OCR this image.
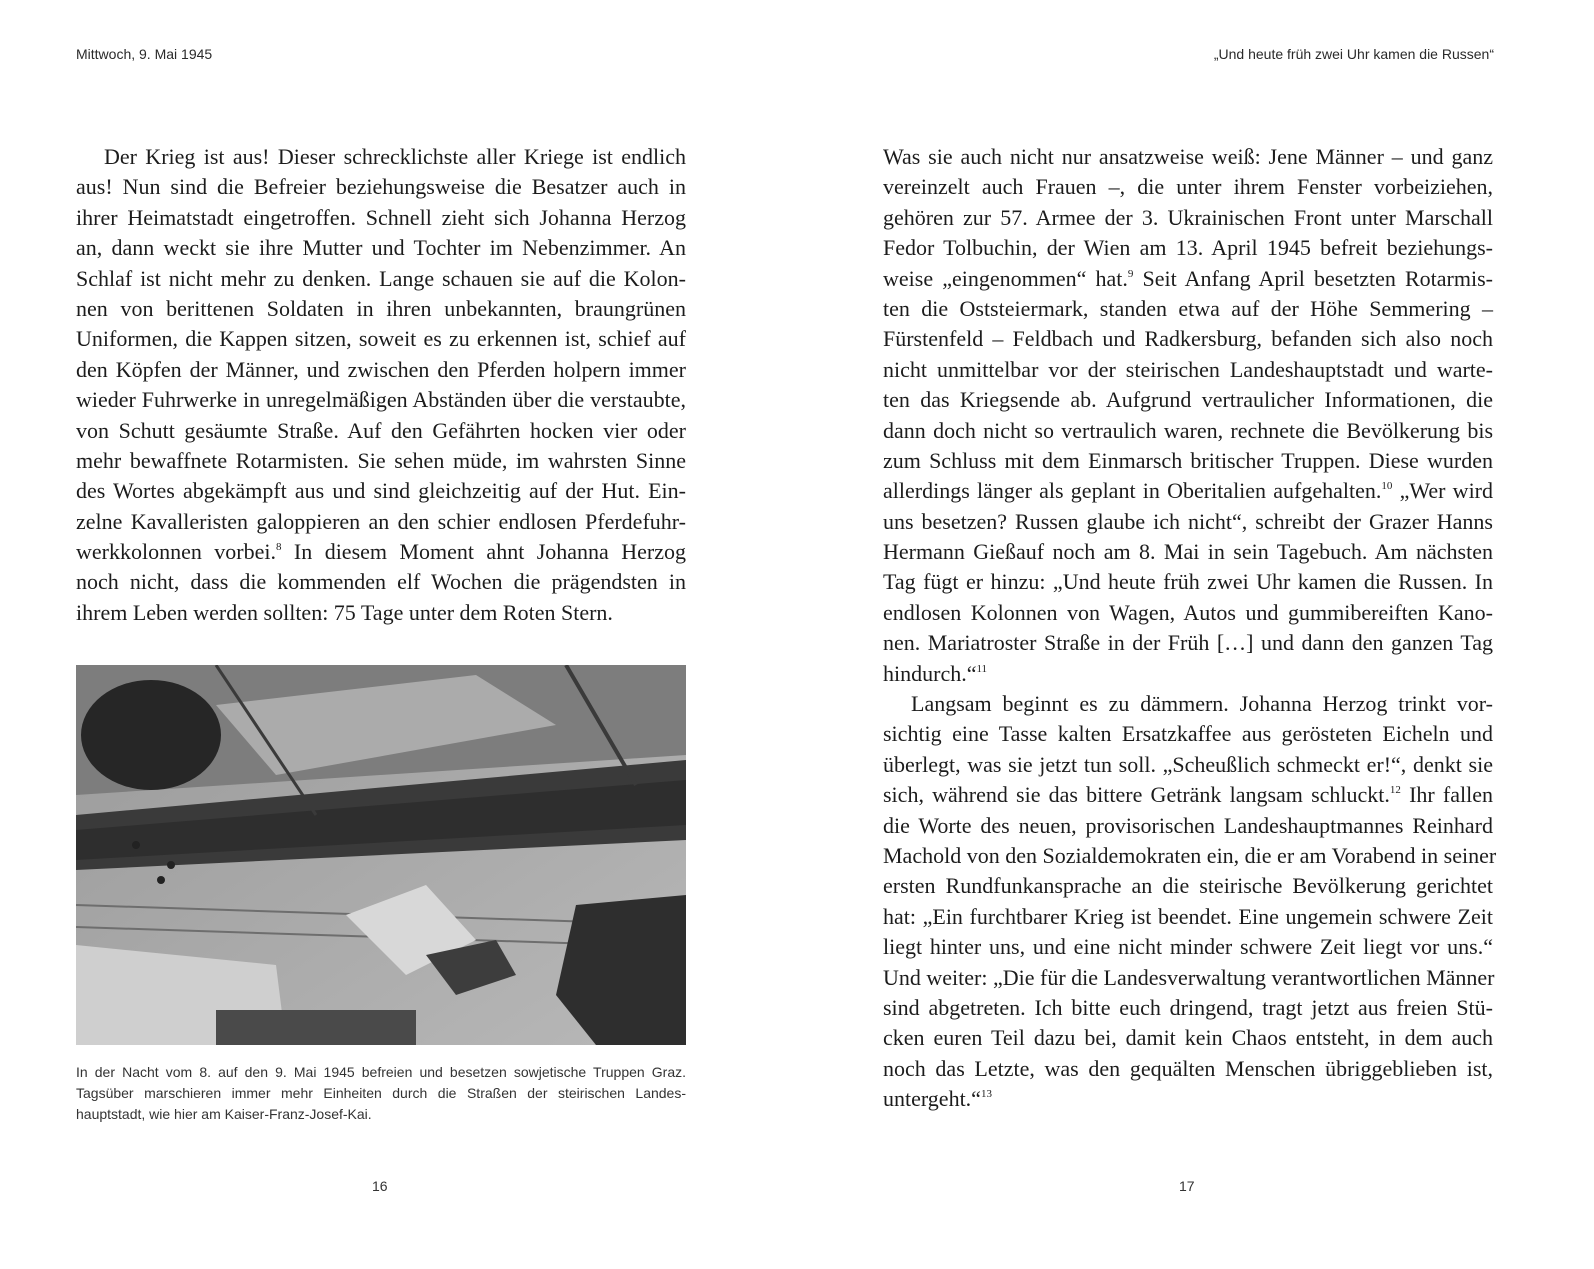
Mittwoch, 9. Mai 1945
Der Krieg ist aus! Dieser schrecklichste aller Kriege ist endlich
aus! Nun sind die Befreier beziehungsweise die Besatzer auch in
ihrer Heimatstadt eingetroffen. Schnell zieht sich Johanna Herzog
an, dann weckt sie ihre Mutter und Tochter im Nebenzimmer. An
Schlaf ist nicht mehr zu denken. Lange schauen sie auf die Kolon-
nen von berittenen Soldaten in ihren unbekannten, braungrünen
Uniformen, die Kappen sitzen, soweit es zu erkennen ist, schief auf
den Köpfen der Männer, und zwischen den Pferden holpern immer
wieder Fuhrwerke in unregelmäßigen Abständen über die verstaubte,
von Schutt gesäumte Straße. Auf den Gefährten hocken vier oder
mehr bewaffnete Rotarmisten. Sie sehen müde, im wahrsten Sinne
des Wortes abgekämpft aus und sind gleichzeitig auf der Hut. Ein-
zelne Kavalleristen galoppieren an den schier endlosen Pferdefuhr-
werkkolonnen vorbei.$^8$ In diesem Moment ahnt Johanna Herzog
noch nicht, dass die kommenden elf Wochen die prägendsten in
ihrem Leben werden sollten: 75 Tage unter dem Roten Stern.
In der Nacht vom 8. auf den 9. Mai 1945 befreien und besetzen sowjetische Truppen Graz.
Tagsüber marschieren immer mehr Einheiten durch die Straßen der steirischen Landes-
hauptstadt, wie hier am Kaiser-Franz-Josef-Kai.
16
„Und heute früh zwei Uhr kamen die Russen“
Was sie auch nicht nur ansatzweise weiß: Jene Männer – und ganz
vereinzelt auch Frauen –, die unter ihrem Fenster vorbeiziehen,
gehören zur 57. Armee der 3. Ukrainischen Front unter Marschall
Fedor Tolbuchin, der Wien am 13. April 1945 befreit beziehungs-
weise „eingenommen“ hat.$^9$ Seit Anfang April besetzten Rotarmis-
ten die Oststeiermark, standen etwa auf der Höhe Semmering –
Fürstenfeld – Feldbach und Radkersburg, befanden sich also noch
nicht unmittelbar vor der steirischen Landeshauptstadt und warte-
ten das Kriegsende ab. Aufgrund vertraulicher Informationen, die
dann doch nicht so vertraulich waren, rechnete die Bevölkerung bis
zum Schluss mit dem Einmarsch britischer Truppen. Diese wurden
allerdings länger als geplant in Oberitalien aufgehalten.$^{10}$ „Wer wird
uns besetzen? Russen glaube ich nicht“, schreibt der Grazer Hanns
Hermann Gießauf noch am 8. Mai in sein Tagebuch. Am nächsten
Tag fügt er hinzu: „Und heute früh zwei Uhr kamen die Russen. In
endlosen Kolonnen von Wagen, Autos und gummibereiften Kano-
nen. Mariatroster Straße in der Früh […] und dann den ganzen Tag
hindurch.“$^{11}$
Langsam beginnt es zu dämmern. Johanna Herzog trinkt vor-
sichtig eine Tasse kalten Ersatzkaffee aus gerösteten Eicheln und
überlegt, was sie jetzt tun soll. „Scheußlich schmeckt er!“, denkt sie
sich, während sie das bittere Getränk langsam schluckt.$^{12}$ Ihr fallen
die Worte des neuen, provisorischen Landeshauptmannes Reinhard
Machold von den Sozialdemokraten ein, die er am Vorabend in seiner
ersten Rundfunkansprache an die steirische Bevölkerung gerichtet
hat: „Ein furchtbarer Krieg ist beendet. Eine ungemein schwere Zeit
liegt hinter uns, und eine nicht minder schwere Zeit liegt vor uns.“
Und weiter: „Die für die Landesverwaltung verantwortlichen Männer
sind abgetreten. Ich bitte euch dringend, tragt jetzt aus freien Stü-
cken euren Teil dazu bei, damit kein Chaos entsteht, in dem auch
noch das Letzte, was den gequälten Menschen übriggeblieben ist,
untergeht.“$^{13}$
17
